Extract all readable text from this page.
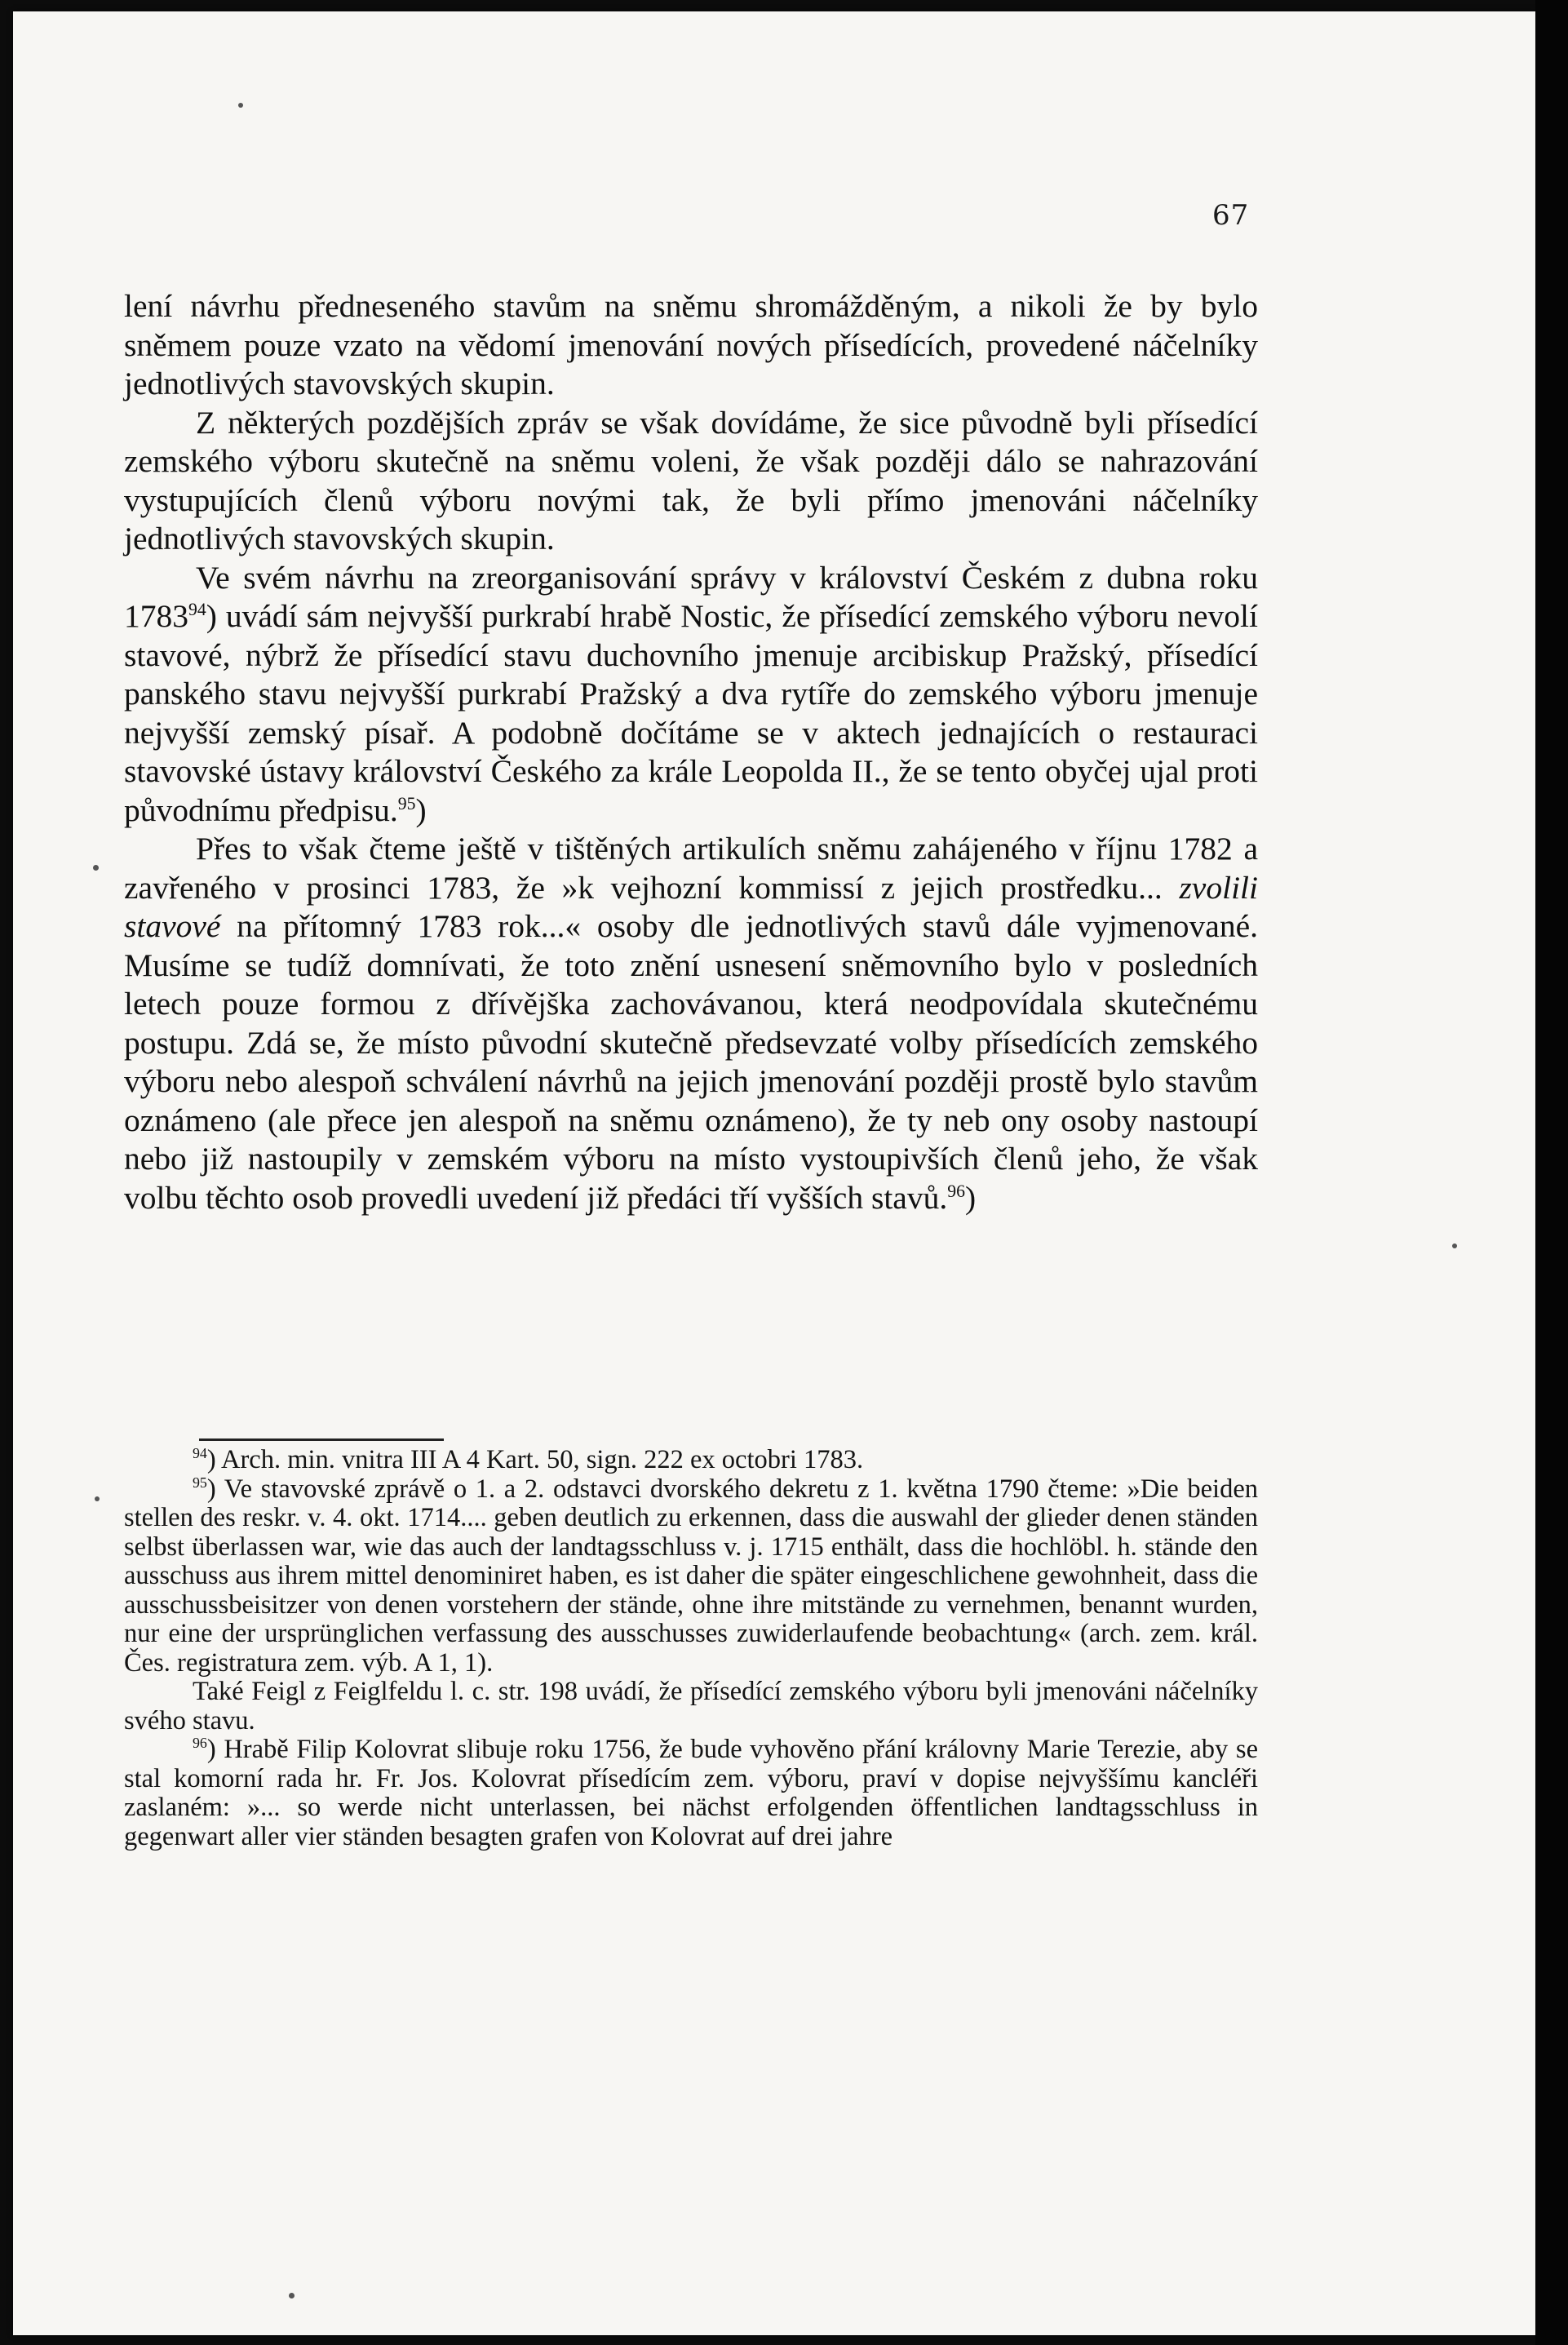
67

lení návrhu předneseného stavům na sněmu shromážděným, a nikoli že by bylo sněmem pouze vzato na vědomí jmenování nových přísedících, provedené náčelníky jednotlivých stavovských skupin.

Z některých pozdějších zpráv se však dovídáme, že sice původně byli přísedící zemského výboru skutečně na sněmu voleni, že však později dálo se nahrazování vystupujících členů výboru novými tak, že byli přímo jmenováni náčelníky jednotlivých stavovských skupin.

Ve svém návrhu na zreorganisování správy v království Českém z dubna roku 1783$^{94}$) uvádí sám nejvyšší purkrabí hrabě Nostic, že přísedící zemského výboru nevolí stavové, nýbrž že přísedící stavu duchovního jmenuje arcibiskup Pražský, přísedící panského stavu nejvyšší purkrabí Pražský a dva rytíře do zemského výboru jmenuje nejvyšší zemský písař. A podobně dočítáme se v aktech jednajících o restauraci stavovské ústavy království Českého za krále Leopolda II., že se tento obyčej ujal proti původnímu předpisu.$^{95}$)

Přes to však čteme ještě v tištěných artikulích sněmu zahájeného v říjnu 1782 a zavřeného v prosinci 1783, že »k vejhozní kommissí z jejich prostředku... zvolili stavové na přítomný 1783 rok...« osoby dle jednotlivých stavů dále vyjmenované. Musíme se tudíž domnívati, že toto znění usnesení sněmovního bylo v posledních letech pouze formou z dřívějška zachovávanou, která neodpovídala skutečnému postupu. Zdá se, že místo původní skutečně předsevzaté volby přísedících zemského výboru nebo alespoň schválení návrhů na jejich jmenování později prostě bylo stavům oznámeno (ale přece jen alespoň na sněmu oznámeno), že ty neb ony osoby nastoupí nebo již nastoupily v zemském výboru na místo vystoupivších členů jeho, že však volbu těchto osob provedli uvedení již předáci tří vyšších stavů.$^{96}$)

$^{94}$) Arch. min. vnitra III A 4 Kart. 50, sign. 222 ex octobri 1783.

$^{95}$) Ve stavovské zprávě o 1. a 2. odstavci dvorského dekretu z 1. května 1790 čteme: »Die beiden stellen des reskr. v. 4. okt. 1714.... geben deutlich zu erkennen, dass die auswahl der glieder denen ständen selbst überlassen war, wie das auch der landtagsschluss v. j. 1715 enthält, dass die hochlöbl. h. stände den ausschuss aus ihrem mittel denominiret haben, es ist daher die später eingeschlichene gewohnheit, dass die ausschussbeisitzer von denen vorstehern der stände, ohne ihre mitstände zu vernehmen, benannt wurden, nur eine der ursprünglichen verfassung des ausschusses zuwiderlaufende beobachtung« (arch. zem. král. Čes. registratura zem. výb. A 1, 1).

Také Feigl z Feiglfeldu l. c. str. 198 uvádí, že přísedící zemského výboru byli jmenováni náčelníky svého stavu.

$^{96}$) Hrabě Filip Kolovrat slibuje roku 1756, že bude vyhověno přání královny Marie Terezie, aby se stal komorní rada hr. Fr. Jos. Kolovrat přísedícím zem. výboru, praví v dopise nejvyššímu kancléři zaslaném: »... so werde nicht unterlassen, bei nächst erfolgenden öffentlichen landtagsschluss in gegenwart aller vier ständen besagten grafen von Kolovrat auf drei jahre
